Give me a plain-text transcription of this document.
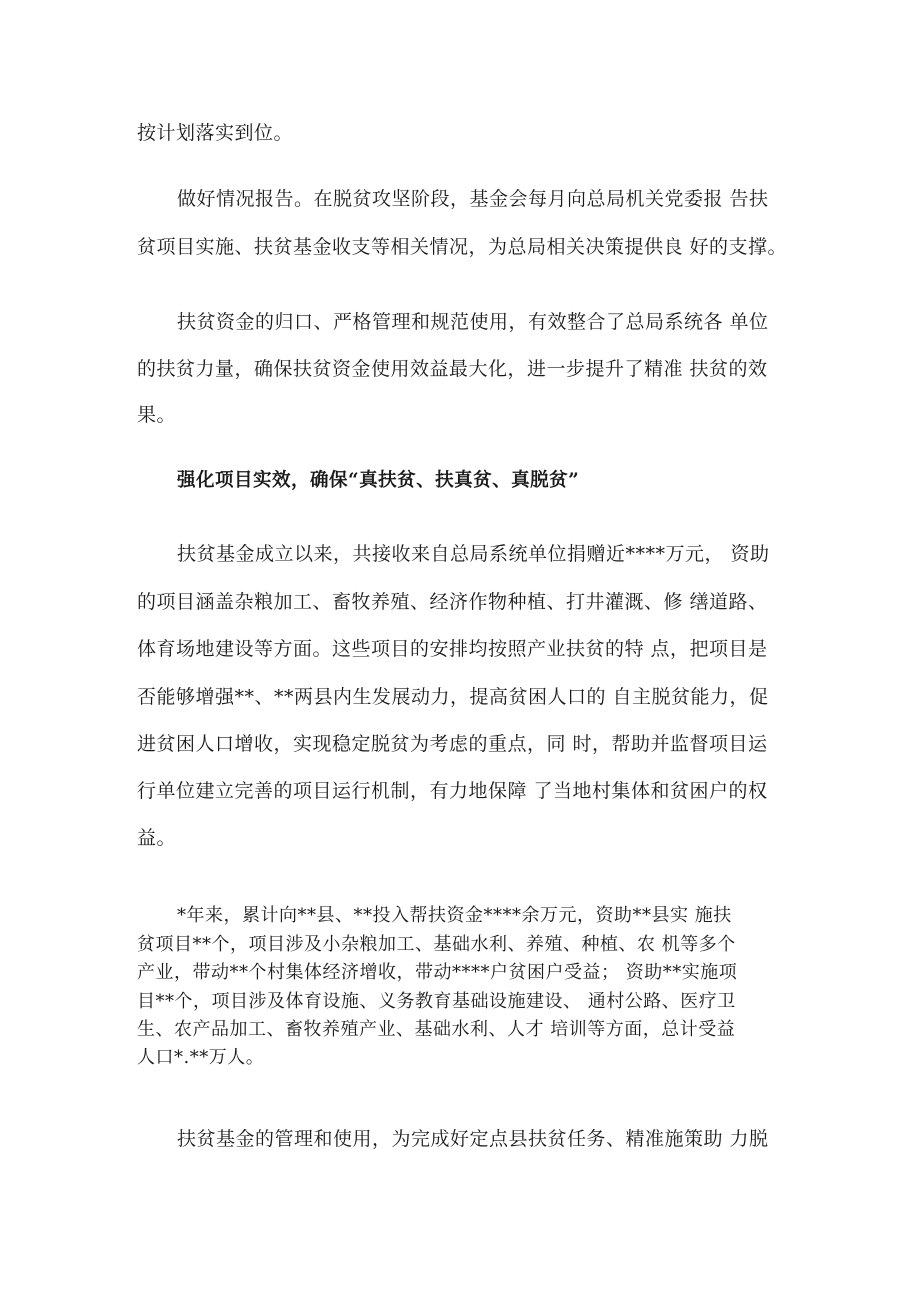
按计划落实到位。
做好情况报告。在脱贫攻坚阶段，基金会每月向总局机关党委报 告扶
贫项目实施、扶贫基金收支等相关情况，为总局相关决策提供良 好的支撑。
扶贫资金的归口、严格管理和规范使用，有效整合了总局系统各 单位
的扶贫力量，确保扶贫资金使用效益最大化，进一步提升了精准 扶贫的效
果。
强化项目实效，确保“真扶贫、扶真贫、真脱贫”
扶贫基金成立以来，共接收来自总局系统单位捐赠近****万元， 资助
的项目涵盖杂粮加工、畜牧养殖、经济作物种植、打井灌溉、修 缮道路、
体育场地建设等方面。这些项目的安排均按照产业扶贫的特 点，把项目是
否能够增强**、**两县内生发展动力，提高贫困人口的 自主脱贫能力，促
进贫困人口增收，实现稳定脱贫为考虑的重点，同 时，帮助并监督项目运
行单位建立完善的项目运行机制，有力地保障 了当地村集体和贫困户的权
益。
*年来，累计向**县、**投入帮扶资金****余万元，资助**县实 施扶
贫项目**个，项目涉及小杂粮加工、基础水利、养殖、种植、农 机等多个
产业，带动**个村集体经济增收，带动****户贫困户受益； 资助**实施项
目**个，项目涉及体育设施、义务教育基础设施建设、 通村公路、医疗卫
生、农产品加工、畜牧养殖产业、基础水利、人才 培训等方面，总计受益
人口*.**万人。
扶贫基金的管理和使用，为完成好定点县扶贫任务、精准施策助 力脱
